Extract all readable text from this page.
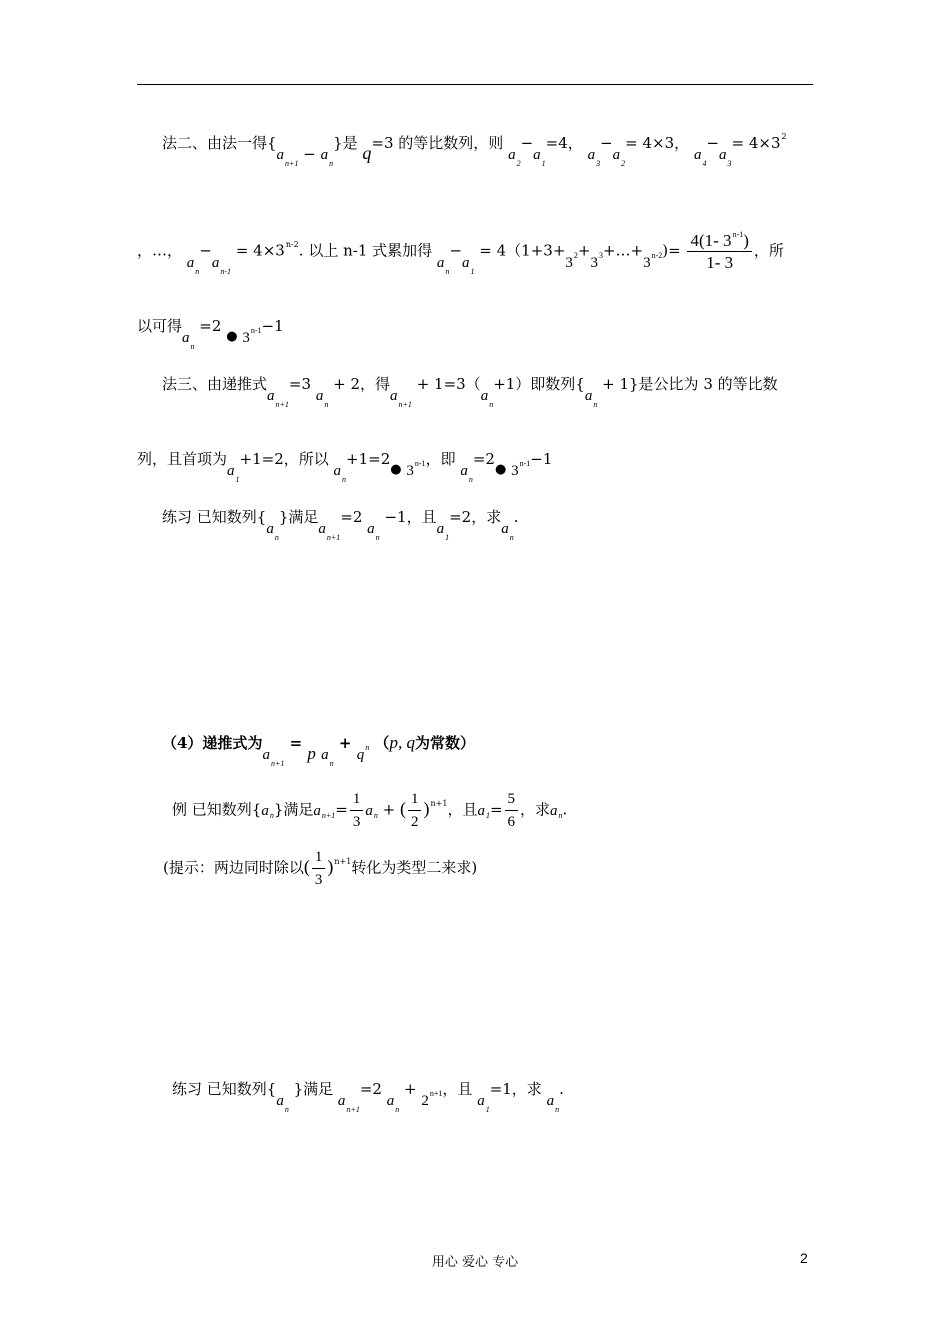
法二、由法一得$\{a_{n+1} - a_n\}$是 q=3 的等比数列，则 $a_2-a_1=4$， $a_3-a_2= 4\times 3$， $a_4-a_3= 4\times 3^2$
，…， $a_n-a_{n-1} = 4\times 3^{n-2}$. 以上 n-1 式累加得 $a_n-a_1$ = $4(1+3+3^2+3^3+\dots+3^{n-2})= \frac{4(1- 3^{n-1})}{1- 3}$ ，所
以可得$a_n =2$ ● $3^{n-1}-1$
法三、由递推式$a_{n+1}=3$ $a_n + 2$，得$a_{n+1} + 1=3(a_n+1)$即数列$\{a_n + 1\}$是公比为 3 的等比数
列，且首项为$a_1+1=2$，所以 $a_n+1=2●$ 3$^{n-1}$，即 $a_n=2●$ $3^{n-1}-1$
练习 已知数列$\{a_n\}$满足$a_{n+1}=2$ $a_n -1$，且$a_1=2$，求$a_n$.
（4）递推式为$a_{n+1} = p$ $a_n + q^n$ （p, q为常数）
例 已知数列$\{a_n\}$满足$a_{n+1}= \frac{1}{3} a_n$ + ( $\frac{1}{2} )^{n+1}$，且$a_1= \frac{5}{6}$ ，求$a_n$.
(提示：两边同时除以( $\frac{1}{3} )^{n+1}$转化为类型二来求)
练习 已知数列{$a_n$ }满足 $a_{n+1}=2$ $a_n + 2^{n+1}$，且 $a_1=1$，求 $a_n$.
用心 爱心 专心	2
